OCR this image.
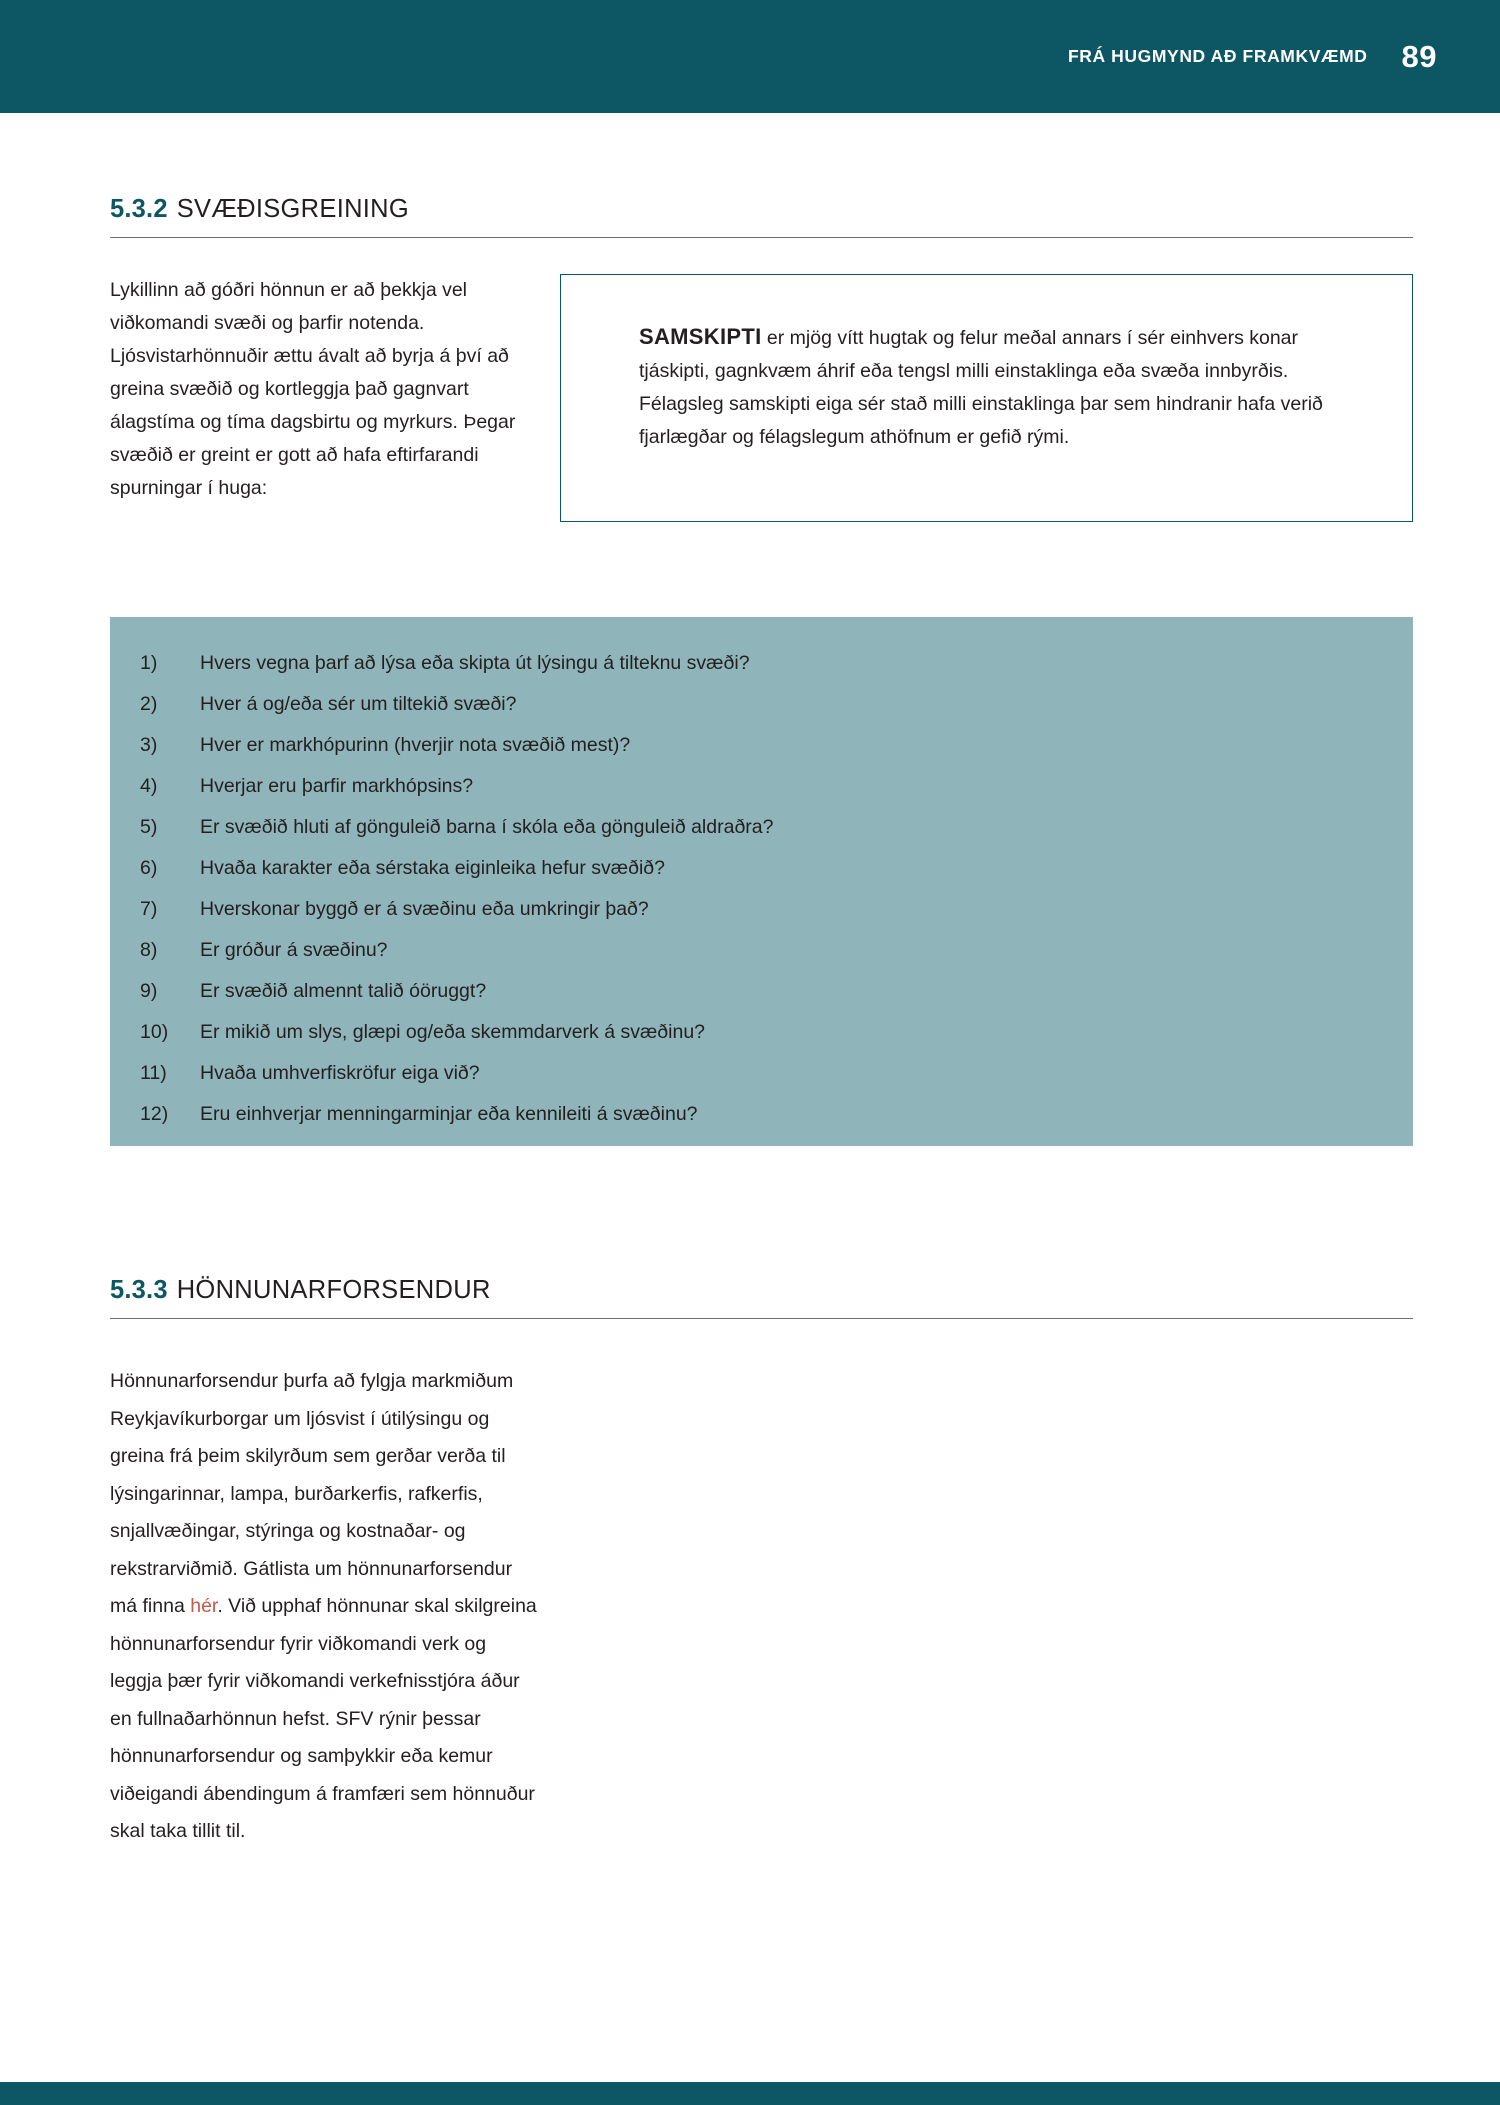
FRÁ HUGMYND AÐ FRAMKVÆMD 89
5.3.2 SVÆÐISGREINING
Lykillinn að góðri hönnun er að þekkja vel viðkomandi svæði og þarfir notenda. Ljósvistarhönnuðir ættu ávalt að byrja á því að greina svæðið og kortleggja það gagnvart álagstíma og tíma dagsbirtu og myrkurs. Þegar svæðið er greint er gott að hafa eftirfarandi spurningar í huga:
SAMSKIPTI er mjög vítt hugtak og felur meðal annars í sér einhvers konar tjáskipti, gagnkvæm áhrif eða tengsl milli einstaklinga eða svæða innbyrðis. Félagsleg samskipti eiga sér stað milli einstaklinga þar sem hindranir hafa verið fjarlægðar og félagslegum athöfnum er gefið rými.
1)	Hvers vegna þarf að lýsa eða skipta út lýsingu á tilteknu svæði?
2)	Hver á og/eða sér um tiltekið svæði?
3)	Hver er markhópurinn (hverjir nota svæðið mest)?
4)	Hverjar eru þarfir markhópsins?
5)	Er svæðið hluti af gönguleið barna í skóla eða gönguleið aldraðra?
6)	Hvaða karakter eða sérstaka eiginleika hefur svæðið?
7)	Hverskonar byggð er á svæðinu eða umkringir það?
8)	Er gróður á svæðinu?
9)	Er svæðið almennt talið óöruggt?
10)	Er mikið um slys, glæpi og/eða skemmdarverk á svæðinu?
11)	Hvaða umhverfiskröfur eiga við?
12)	Eru einhverjar menningarminjar eða kennileiti á svæðinu?
5.3.3 HÖNNUNARFORSENDUR
Hönnunarforsendur þurfa að fylgja markmiðum Reykjavíkurborgar um ljósvist í útilýsingu og greina frá þeim skilyrðum sem gerðar verða til lýsingarinnar, lampa, burðarkerfis, rafkerfis, snjallvæðingar, stýringa og kostnaðar- og rekstrarviðmið. Gátlista um hönnunarforsendur má finna hér. Við upphaf hönnunar skal skilgreina hönnunarforsendur fyrir viðkomandi verk og leggja þær fyrir viðkomandi verkefnisstjóra áður en fullnaðarhönnun hefst. SFV rýnir þessar hönnunarforsendur og samþykkir eða kemur viðeigandi ábendingum á framfæri sem hönnuður skal taka tillit til.
